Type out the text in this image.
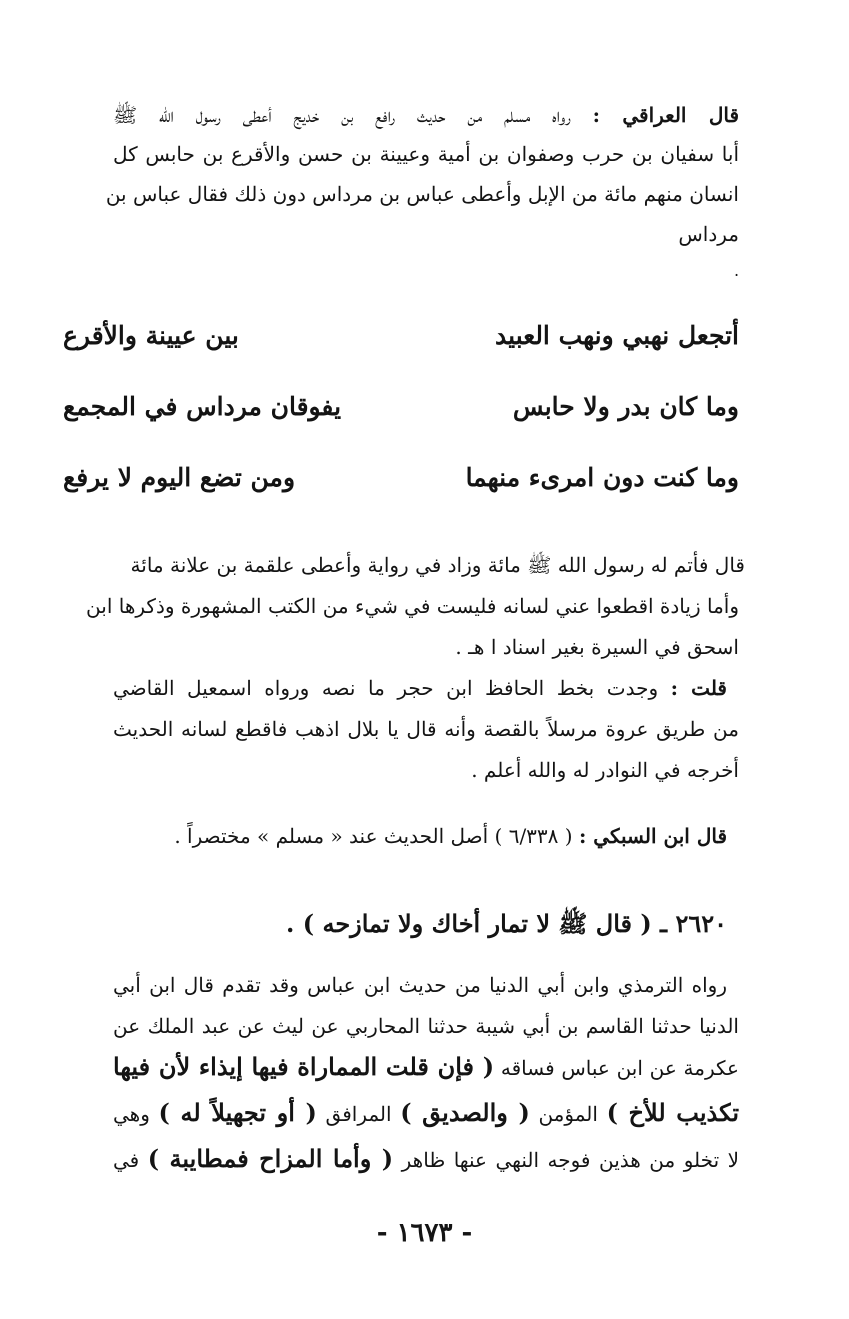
قال العراقي : رواه مسلم من حديث رافع بن خديج أعطى رسول الله ﷺ
أبا سفيان بن حرب وصفوان بن أمية وعيينة بن حسن والأقرع بن حابس كل
انسان منهم مائة من الإبل وأعطى عباس بن مرداس دون ذلك فقال عباس بن
مرداس
.
أتجعل نهبي ونهب العبيد
بين عيينة والأقرع
وما كان بدر ولا حابس
يفوقان مرداس في المجمع
وما كنت دون امرىء منهما
ومن تضع اليوم لا يرفع
قال فأتم له رسول الله ﷺ مائة وزاد في رواية وأعطى علقمة بن علانة مائة
وأما زيادة اقطعوا عني لسانه فليست في شيء من الكتب المشهورة وذكرها ابن
اسحق في السيرة بغير اسناد ا هـ .
قلت : وجدت بخط الحافظ ابن حجر ما نصه ورواه اسمعيل القاضي
من طريق عروة مرسلاً بالقصة وأنه قال يا بلال اذهب فاقطع لسانه الحديث
أخرجه في النوادر له والله أعلم .
قال ابن السبكي : ( ٦/٣٣٨ ) أصل الحديث عند « مسلم » مختصراً .
٢٦٢٠ ـ ( قال ﷺ لا تمار أخاك ولا تمازحه ) .
رواه الترمذي وابن أبي الدنيا من حديث ابن عباس وقد تقدم قال ابن أبي
الدنيا حدثنا القاسم بن أبي شيبة حدثنا المحاربي عن ليث عن عبد الملك عن
عكرمة عن ابن عباس فساقه ( فإن قلت المماراة فيها إيذاء لأن فيها
تكذيب للأخ ) المؤمن ( والصديق ) المرافق ( أو تجهيلاً له ) وهي
لا تخلو من هذين فوجه النهي عنها ظاهر ( وأما المزاح فمطايبة ) في
- ١٦٧٣ -
